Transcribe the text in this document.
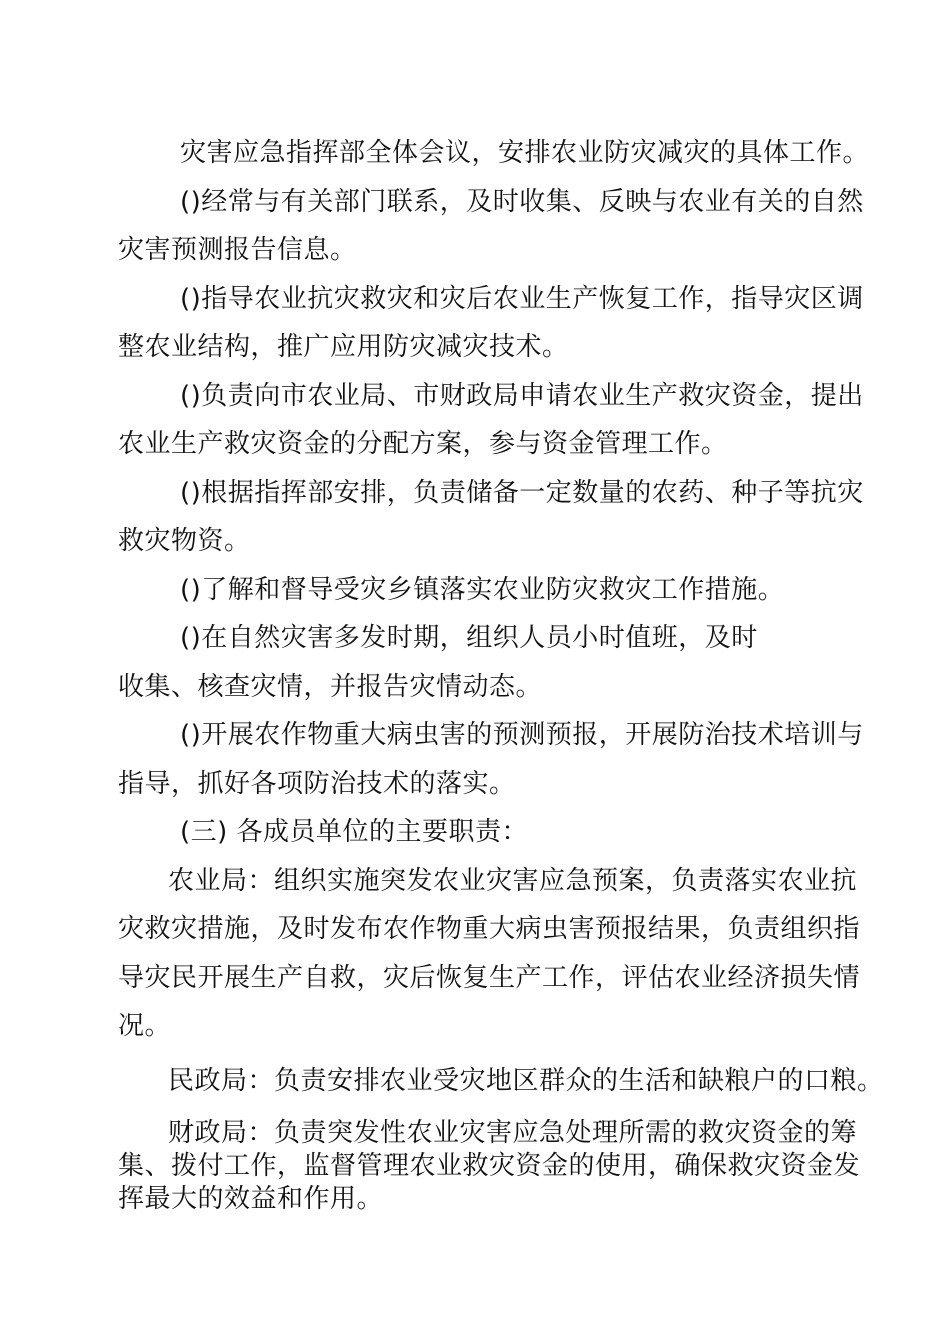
灾害应急指挥部全体会议，安排农业防灾减灾的具体工作。
()经常与有关部门联系，及时收集、反映与农业有关的自然
灾害预测报告信息。
()指导农业抗灾救灾和灾后农业生产恢复工作，指导灾区调
整农业结构，推广应用防灾减灾技术。
()负责向市农业局、市财政局申请农业生产救灾资金，提出
农业生产救灾资金的分配方案，参与资金管理工作。
()根据指挥部安排，负责储备一定数量的农药、种子等抗灾
救灾物资。
()了解和督导受灾乡镇落实农业防灾救灾工作措施。
()在自然灾害多发时期，组织人员小时值班，及时
收集、核查灾情，并报告灾情动态。
()开展农作物重大病虫害的预测预报，开展防治技术培训与
指导，抓好各项防治技术的落实。
(三) 各成员单位的主要职责：
农业局：组织实施突发农业灾害应急预案，负责落实农业抗
灾救灾措施，及时发布农作物重大病虫害预报结果，负责组织指
导灾民开展生产自救，灾后恢复生产工作，评估农业经济损失情
况。
民政局：负责安排农业受灾地区群众的生活和缺粮户的口粮。
财政局：负责突发性农业灾害应急处理所需的救灾资金的筹
集、拨付工作，监督管理农业救灾资金的使用，确保救灾资金发
挥最大的效益和作用。
